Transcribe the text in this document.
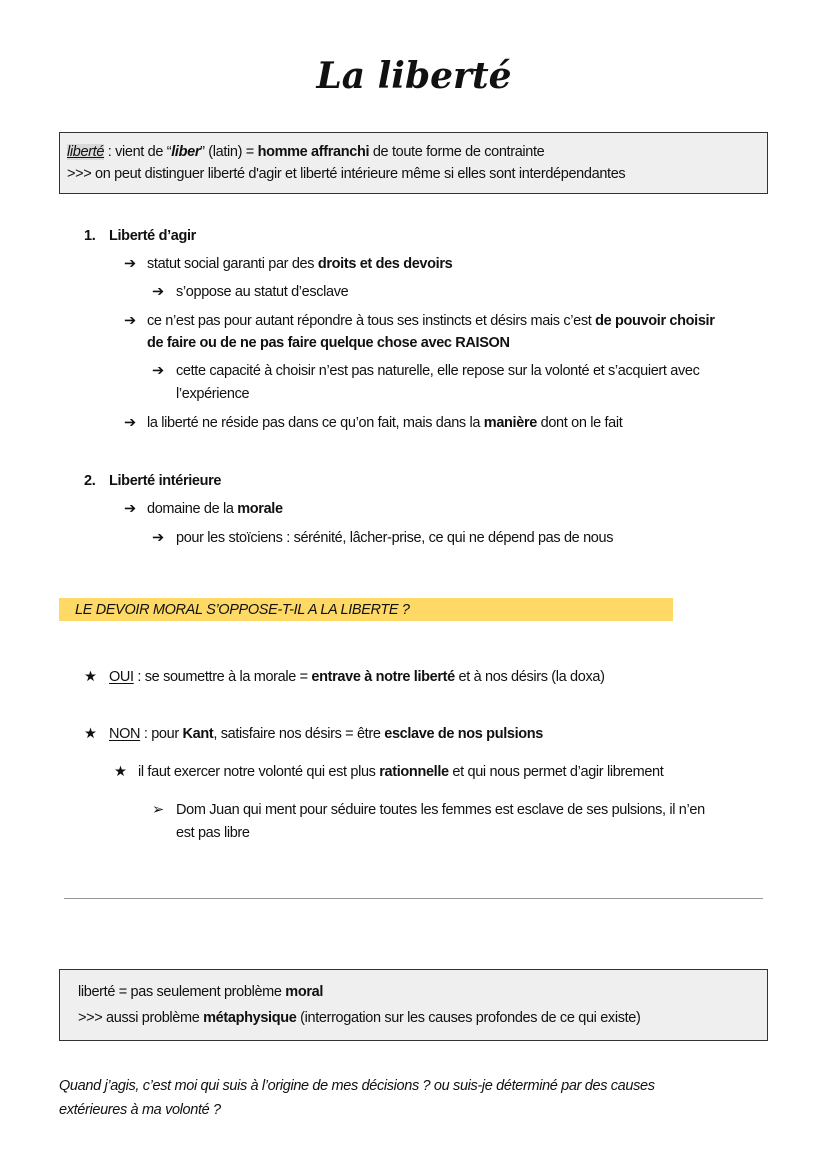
La liberté
liberté : vient de “liber” (latin) = homme affranchi de toute forme de contrainte
>>> on peut distinguer liberté d'agir et liberté intérieure même si elles sont interdépendantes
1. Liberté d’agir
➔ statut social garanti par des droits et des devoirs
➔ s’oppose au statut d’esclave
➔ ce n’est pas pour autant répondre à tous ses instincts et désirs mais c’est de pouvoir choisir
de faire ou de ne pas faire quelque chose avec RAISON
➔ cette capacité à choisir n’est pas naturelle, elle repose sur la volonté et s’acquiert avec
l’expérience
➔ la liberté ne réside pas dans ce qu’on fait, mais dans la manière dont on le fait
2. Liberté intérieure
➔ domaine de la morale
➔ pour les stoïciens : sérénité, lâcher-prise, ce qui ne dépend pas de nous
LE DEVOIR MORAL S’OPPOSE-T-IL A LA LIBERTE ?
★ OUI : se soumettre à la morale = entrave à notre liberté et à nos désirs (la doxa)
★ NON : pour Kant, satisfaire nos désirs = être esclave de nos pulsions
★ il faut exercer notre volonté qui est plus rationnelle et qui nous permet d’agir librement
➢ Dom Juan qui ment pour séduire toutes les femmes est esclave de ses pulsions, il n’en
est pas libre
liberté = pas seulement problème moral
>>> aussi problème métaphysique (interrogation sur les causes profondes de ce qui existe)
Quand j’agis, c’est moi qui suis à l’origine de mes décisions ? ou suis-je déterminé par des causes
extérieures à ma volonté ?
